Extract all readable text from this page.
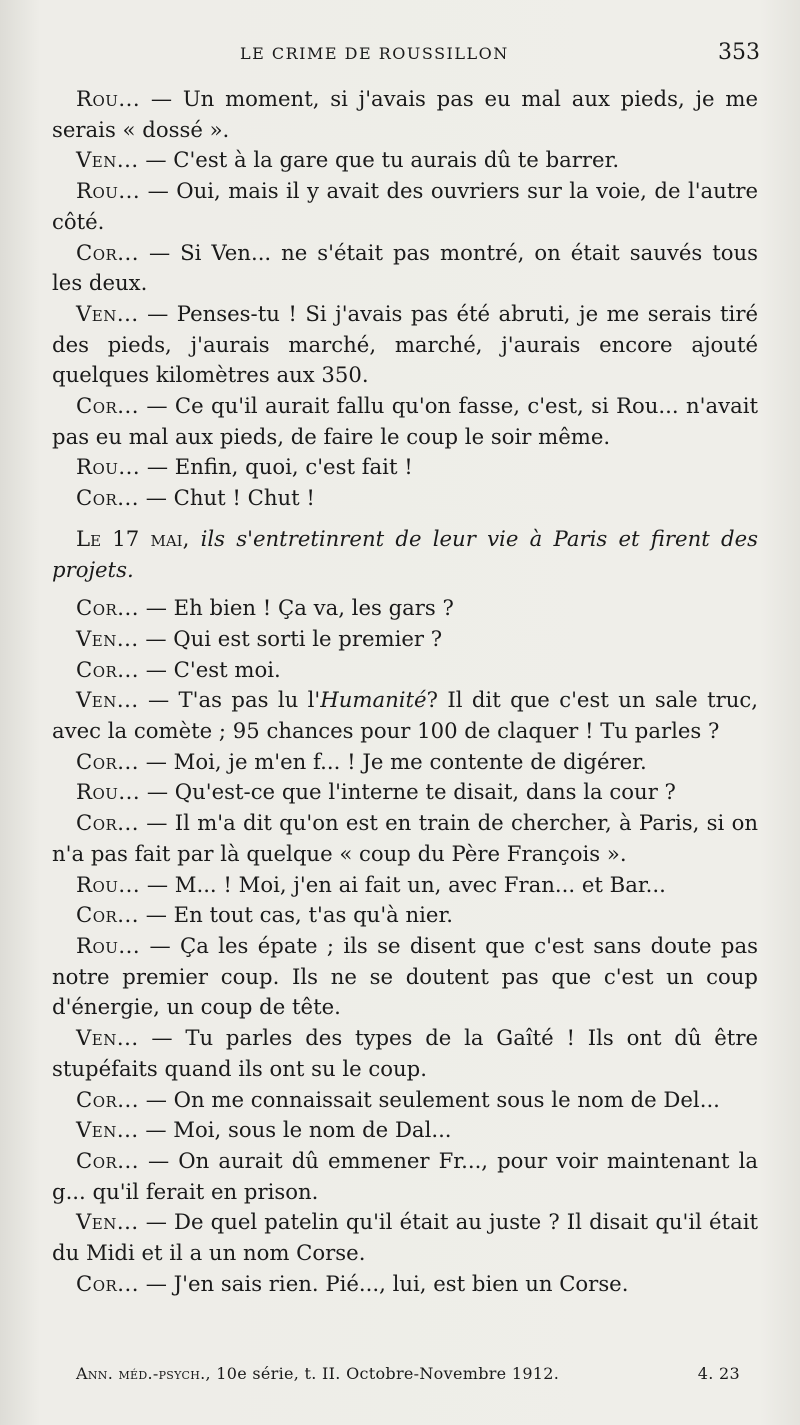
LE CRIME DE ROUSSILLON	353

Rou... — Un moment, si j'avais pas eu mal aux pieds, je me serais « dossé ».

Ven... — C'est à la gare que tu aurais dû te barrer.

Rou... — Oui, mais il y avait des ouvriers sur la voie, de l'autre côté.

Cor... — Si Ven... ne s'était pas montré, on était sauvés tous les deux.

Ven... — Penses-tu ! Si j'avais pas été abruti, je me serais tiré des pieds, j'aurais marché, marché, j'aurais encore ajouté quelques kilomètres aux 350.

Cor... — Ce qu'il aurait fallu qu'on fasse, c'est, si Rou... n'avait pas eu mal aux pieds, de faire le coup le soir même.

Rou... — Enfin, quoi, c'est fait !

Cor... — Chut ! Chut !

Le 17 mai, ils s'entretinrent de leur vie à Paris et firent des projets.

Cor... — Eh bien ! Ça va, les gars ?

Ven... — Qui est sorti le premier ?

Cor... — C'est moi.

Ven... — T'as pas lu l'Humanité? Il dit que c'est un sale truc, avec la comète ; 95 chances pour 100 de claquer ! Tu parles ?

Cor... — Moi, je m'en f... ! Je me contente de digérer.

Rou... — Qu'est-ce que l'interne te disait, dans la cour ?

Cor... — Il m'a dit qu'on est en train de chercher, à Paris, si on n'a pas fait par là quelque « coup du Père François ».

Rou... — M... ! Moi, j'en ai fait un, avec Fran... et Bar...

Cor... — En tout cas, t'as qu'à nier.

Rou... — Ça les épate ; ils se disent que c'est sans doute pas notre premier coup. Ils ne se doutent pas que c'est un coup d'énergie, un coup de tête.

Ven... — Tu parles des types de la Gaîté ! Ils ont dû être stupéfaits quand ils ont su le coup.

Cor... — On me connaissait seulement sous le nom de Del...

Ven... — Moi, sous le nom de Dal...

Cor... — On aurait dû emmener Fr..., pour voir maintenant la g... qu'il ferait en prison.

Ven... — De quel patelin qu'il était au juste ? Il disait qu'il était du Midi et il a un nom Corse.

Cor... — J'en sais rien. Pié..., lui, est bien un Corse.

Ann. méd.-psych., 10e série, t. II. Octobre-Novembre 1912.	4. 23
